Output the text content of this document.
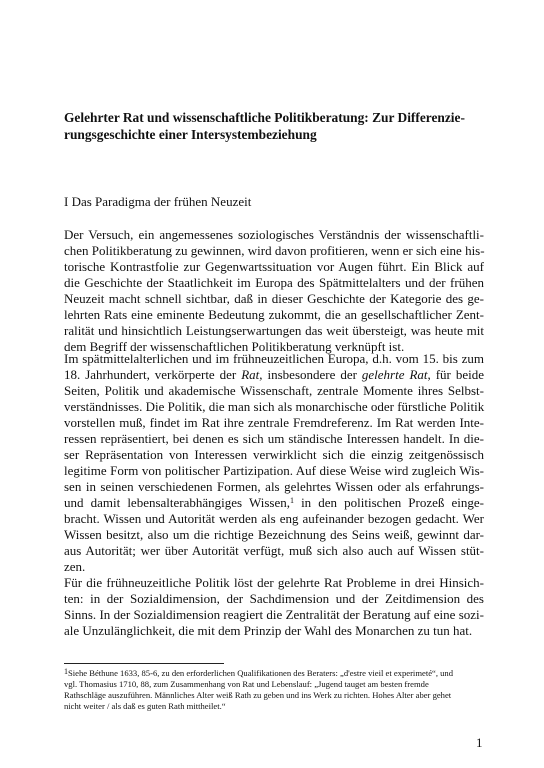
Gelehrter Rat und wissenschaftliche Politikberatung: Zur Differenzie-
rungsgeschichte einer Intersystembeziehung
I Das Paradigma der frühen Neuzeit
Der Versuch, ein angemessenes soziologisches Verständnis der wissenschaftli-
chen Politikberatung zu gewinnen, wird davon profitieren, wenn er sich eine his-
torische Kontrastfolie zur Gegenwartssituation vor Augen führt. Ein Blick auf
die Geschichte der Staatlichkeit im Europa des Spätmittelalters und der frühen
Neuzeit macht schnell sichtbar, daß in dieser Geschichte der Kategorie des ge-
lehrten Rats eine eminente Bedeutung zukommt, die an gesellschaftlicher Zent-
ralität und hinsichtlich Leistungserwartungen das weit übersteigt, was heute mit
dem Begriff der wissenschaftlichen Politikberatung verknüpft ist.
Im spätmittelalterlichen und im frühneuzeitlichen Europa, d.h. vom 15. bis zum
18. Jahrhundert, verkörperte der Rat, insbesondere der gelehrte Rat, für beide
Seiten, Politik und akademische Wissenschaft, zentrale Momente ihres Selbst-
verständnisses. Die Politik, die man sich als monarchische oder fürstliche Politik
vorstellen muß, findet im Rat ihre zentrale Fremdreferenz. Im Rat werden Inte-
ressen repräsentiert, bei denen es sich um ständische Interessen handelt. In die-
ser Repräsentation von Interessen verwirklicht sich die einzig zeitgenössisch
legitime Form von politischer Partizipation. Auf diese Weise wird zugleich Wis-
sen in seinen verschiedenen Formen, als gelehrtes Wissen oder als erfahrungs-
und damit lebensalterabhängiges Wissen,$^1$ in den politischen Prozeß einge-
bracht. Wissen und Autorität werden als eng aufeinander bezogen gedacht. Wer
Wissen besitzt, also um die richtige Bezeichnung des Seins weiß, gewinnt dar-
aus Autorität; wer über Autorität verfügt, muß sich also auch auf Wissen stüt-
zen.
Für die frühneuzeitliche Politik löst der gelehrte Rat Probleme in drei Hinsich-
ten: in der Sozialdimension, der Sachdimension und der Zeitdimension des
Sinns. In der Sozialdimension reagiert die Zentralität der Beratung auf eine sozi-
ale Unzulänglichkeit, die mit dem Prinzip der Wahl des Monarchen zu tun hat.
$^1$Siehe Béthune 1633, 85-6, zu den erforderlichen Qualifikationen des Beraters: „d'estre vieil et experimeté“, und
vgl. Thomasius 1710, 88, zum Zusammenhang von Rat und Lebenslauf: „Jugend tauget am besten fremde
Rathschläge auszuführen. Männliches Alter weiß Rath zu geben und ins Werk zu richten. Hohes Alter aber gehet
nicht weiter / als daß es guten Rath mittheilet.“
1
